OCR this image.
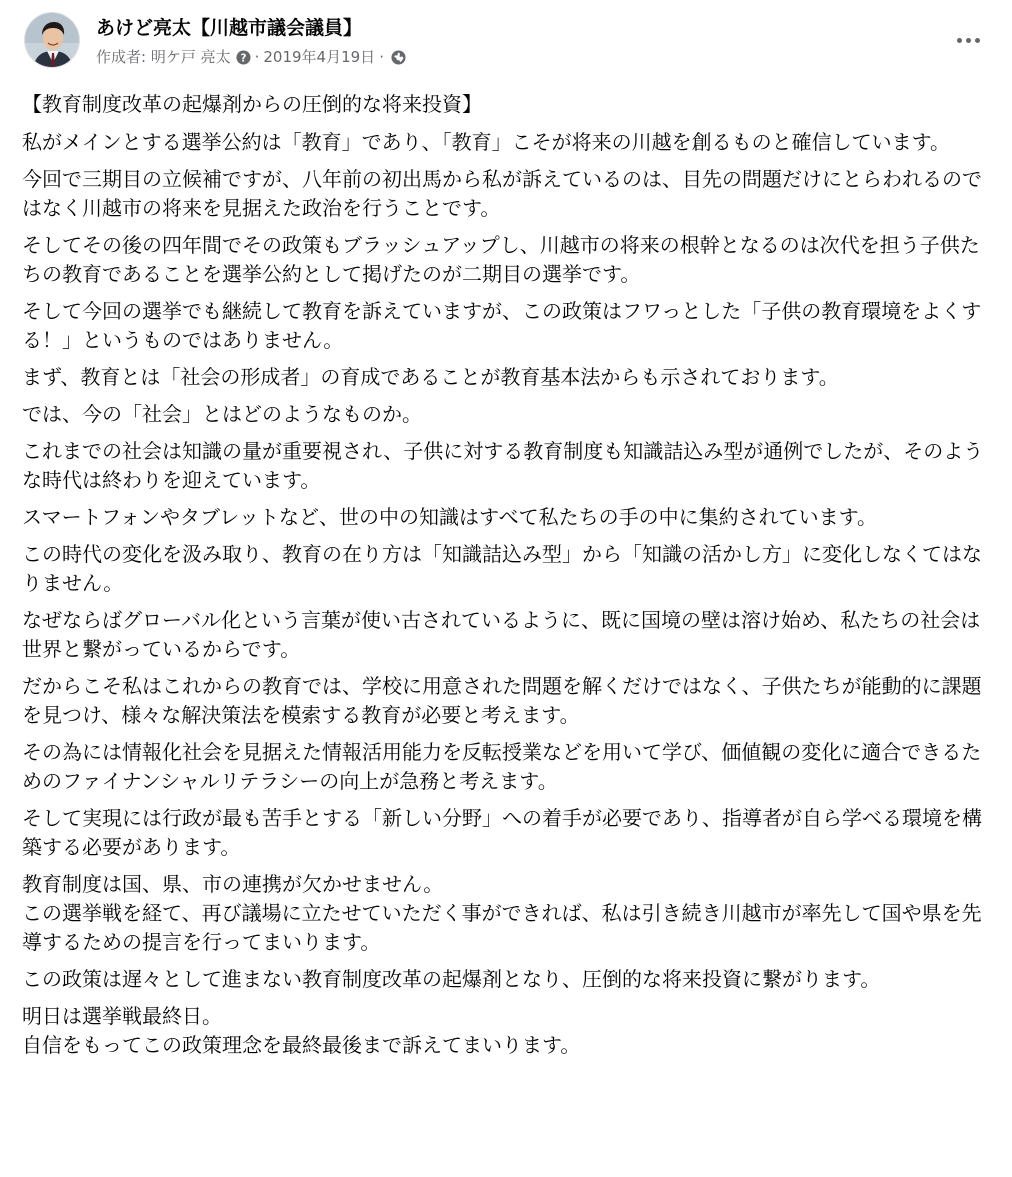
あけど亮太【川越市議会議員】
作成者: 明ケ戸 亮太 ? · 2019年4月19日 ·

【教育制度改革の起爆剤からの圧倒的な将来投資】

私がメインとする選挙公約は「教育」であり、「教育」こそが将来の川越を創るものと確信しています。

今回で三期目の立候補ですが、八年前の初出馬から私が訴えているのは、目先の問題だけにとらわれるのではなく川越市の将来を見据えた政治を行うことです。

そしてその後の四年間でその政策もブラッシュアップし、川越市の将来の根幹となるのは次代を担う子供たちの教育であることを選挙公約として掲げたのが二期目の選挙です。

そして今回の選挙でも継続して教育を訴えていますが、この政策はフワっとした「子供の教育環境をよくする！」というものではありません。

まず、教育とは「社会の形成者」の育成であることが教育基本法からも示されております。

では、今の「社会」とはどのようなものか。

これまでの社会は知識の量が重要視され、子供に対する教育制度も知識詰込み型が通例でしたが、そのような時代は終わりを迎えています。

スマートフォンやタブレットなど、世の中の知識はすべて私たちの手の中に集約されています。

この時代の変化を汲み取り、教育の在り方は「知識詰込み型」から「知識の活かし方」に変化しなくてはなりません。

なぜならばグローバル化という言葉が使い古されているように、既に国境の壁は溶け始め、私たちの社会は世界と繋がっているからです。

だからこそ私はこれからの教育では、学校に用意された問題を解くだけではなく、子供たちが能動的に課題を見つけ、様々な解決策法を模索する教育が必要と考えます。

その為には情報化社会を見据えた情報活用能力を反転授業などを用いて学び、価値観の変化に適合できるためのファイナンシャルリテラシーの向上が急務と考えます。

そして実現には行政が最も苦手とする「新しい分野」への着手が必要であり、指導者が自ら学べる環境を構築する必要があります。

教育制度は国、県、市の連携が欠かせません。
この選挙戦を経て、再び議場に立たせていただく事ができれば、私は引き続き川越市が率先して国や県を先導するための提言を行ってまいります。

この政策は遅々として進まない教育制度改革の起爆剤となり、圧倒的な将来投資に繋がります。

明日は選挙戦最終日。
自信をもってこの政策理念を最終最後まで訴えてまいります。
